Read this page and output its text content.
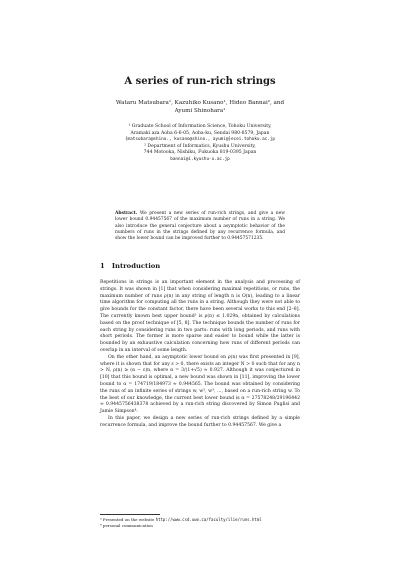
A series of run-rich strings
Wataru Matsubara¹, Kazuhiko Kusano¹, Hideo Bannai², and
Ayumi Shinohara¹
¹ Graduate School of Information Science, Tohoku University,
Aramaki aza Aoba 6-6-05, Aoba-ku, Sendai 980-8579, Japan
{matsubara@shino., kusano@shino., ayumi@}ecei.tohoku.ac.jp
² Department of Informatics, Kyushu University,
744 Motooka, Nishiku, Fukuoka 819-0395 Japan
bannai@i.kyushu-u.ac.jp
Abstract. We present a new series of run-rich strings, and give a new lower bound 0.94457567 of the maximum number of runs in a string. We also introduce the general conjecture about a asymptotic behavior of the numbers of runs in the strings defined by any recurrence formula, and show the lower bound can be improved further to 0.94457571235.
1 Introduction

Repetitions in strings is an important element in the analysis and processing of strings. It was shown in [1] that when considering maximal repetitions, or runs, the maximum number of runs ρ(n) in any string of length n is O(n), leading to a linear time algorithm for computing all the runs in a string. Although they were not able to give bounds for the constant factor, there have been several works to this end [2–8]. The currently known best upper bound³ is ρ(n) ≤ 1.029n, obtained by calculations based on the proof technique of [5, 8]. The technique bounds the number of runs for each string by considering runs in two parts: runs with long periods, and runs with short periods. The former is more sparse and easier to bound while the latter is bounded by an exhaustive calculation concerning how runs of different periods can overlap in an interval of some length.

On the other hand, an asymptotic lower bound on ρ(n) was first presented in [9], where it is shown that for any ε > 0, there exists an integer N > 0 such that for any n > N, ρ(n) ≥ (α − ε)n, where α = 3/(1+√5) ≈ 0.927. Although it was conjectured in [10] that this bound is optimal, a new bound was shown in [11], improving the lower bound to α = 174719/184973 ≈ 0.944565. The bound was obtained by considering the runs of an infinite series of strings w, w², w³, ..., based on a run-rich string w. To the best of our knowledge, the current best lower bound is α = 27578248/29196442 ≈ 0.9445756438378 achieved by a run-rich string discovered by Simon Puglisi and Jamie Simpson⁴.

In this paper, we design a new series of run-rich strings defined by a simple recurrence formula, and improve the bound further to 0.94457567. We give a

³ Presented on the website http://www.csd.uwo.ca/faculty/ilie/runs.html
⁴ personal communication
